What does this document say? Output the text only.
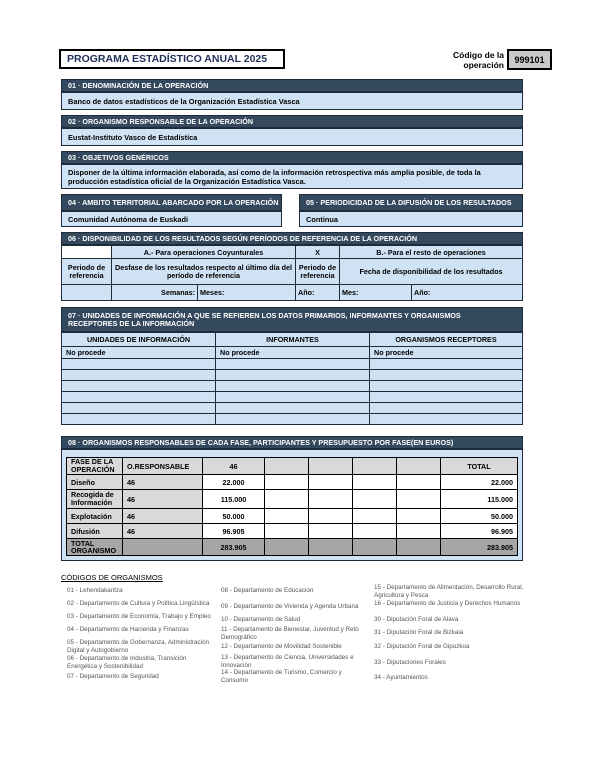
PROGRAMA ESTADÍSTICO ANUAL 2025	Código de la
operación
999101
01 · DENOMINACIÓN DE LA OPERACIÓN
Banco de datos estadísticos de la Organización Estadística Vasca
02 · ORGANISMO RESPONSABLE DE LA OPERACIÓN
Eustat-Instituto Vasco de Estadística
03 · OBJETIVOS GENÉRICOS
Disponer de la última información elaborada, así como de la información retrospectiva más amplia posible, de toda la producción estadística oficial de la Organización Estadística Vasca.
04 · AMBITO TERRITORIAL ABARCADO POR LA OPERACIÓN
Comunidad Autónoma de Euskadi
05 · PERIODICIDAD DE LA DIFUSIÓN DE LOS RESULTADOS
Continua
06 · DISPONIBILIDAD DE LOS RESULTADOS SEGÚN PERÍODOS DE REFERENCIA DE LA OPERACIÓN
	A.- Para operaciones Coyunturales		X	B.- Para el resto de operaciones	
Periodo de referencia	Desfase de los resultados respecto al último día del período de referencia		Periodo de referencia	Fecha de disponibilidad de los resultados	
	Semanas:	Meses:	Año:	Mes:	Año:
07 · UNIDADES DE INFORMACIÓN A QUE SE REFIEREN LOS DATOS PRIMARIOS, INFORMANTES Y ORGANISMOS RECEPTORES DE LA INFORMACIÓN
UNIDADES DE INFORMACIÓN	INFORMANTES	ORGANISMOS RECEPTORES
No procede	No procede	No procede

08 · ORGANISMOS RESPONSABLES DE CADA FASE, PARTICIPANTES Y PRESUPUESTO POR FASE(EN EUROS)
FASE DE LA OPERACIÓN	O.RESPONSABLE	46					TOTAL
Diseño	46	22.000					22.000
Recogida de Información	46	115.000					115.000
Explotación	46	50.000					50.000
Difusión	46	96.905					96.905
TOTAL ORGANISMO		283.905					283.905
CÓDIGOS DE ORGANISMOS
01 - Lehendakaritza
02 - Departamento de Cultura y Política Lingüística
03 - Departamento de Economía, Trabajo y Empleo
04 - Departamento de Hacienda y Finanzas
05 - Departamento de Gobernanza, Administración Digital y Autogobierno
06 - Departamento de Industria, Transición Energética y Sostenibilidad
07 - Departamento de Seguridad
08 - Departamento de Educación
09 - Departamento de Vivienda y Agenda Urbana
10 - Departamento de Salud
11 - Departamento de Bienestar, Juventud y Reto Demográfico
12 - Departamento de Movilidad Sostenible
13 - Departamento de Ciencia, Universidades e Innovación
14 - Departamento de Turismo, Comercio y Consumo
15 - Departamento de Alimentación, Desarrollo Rural, Agricultura y Pesca
16 - Departamento de Justicia y Derechos Humanos
30 - Diputación Foral de Alava
31 - Diputación Foral de Bizkaia
32 - Diputación Foral de Gipuzkoa
33 - Diputaciones Forales
34 - Ayuntamientos
